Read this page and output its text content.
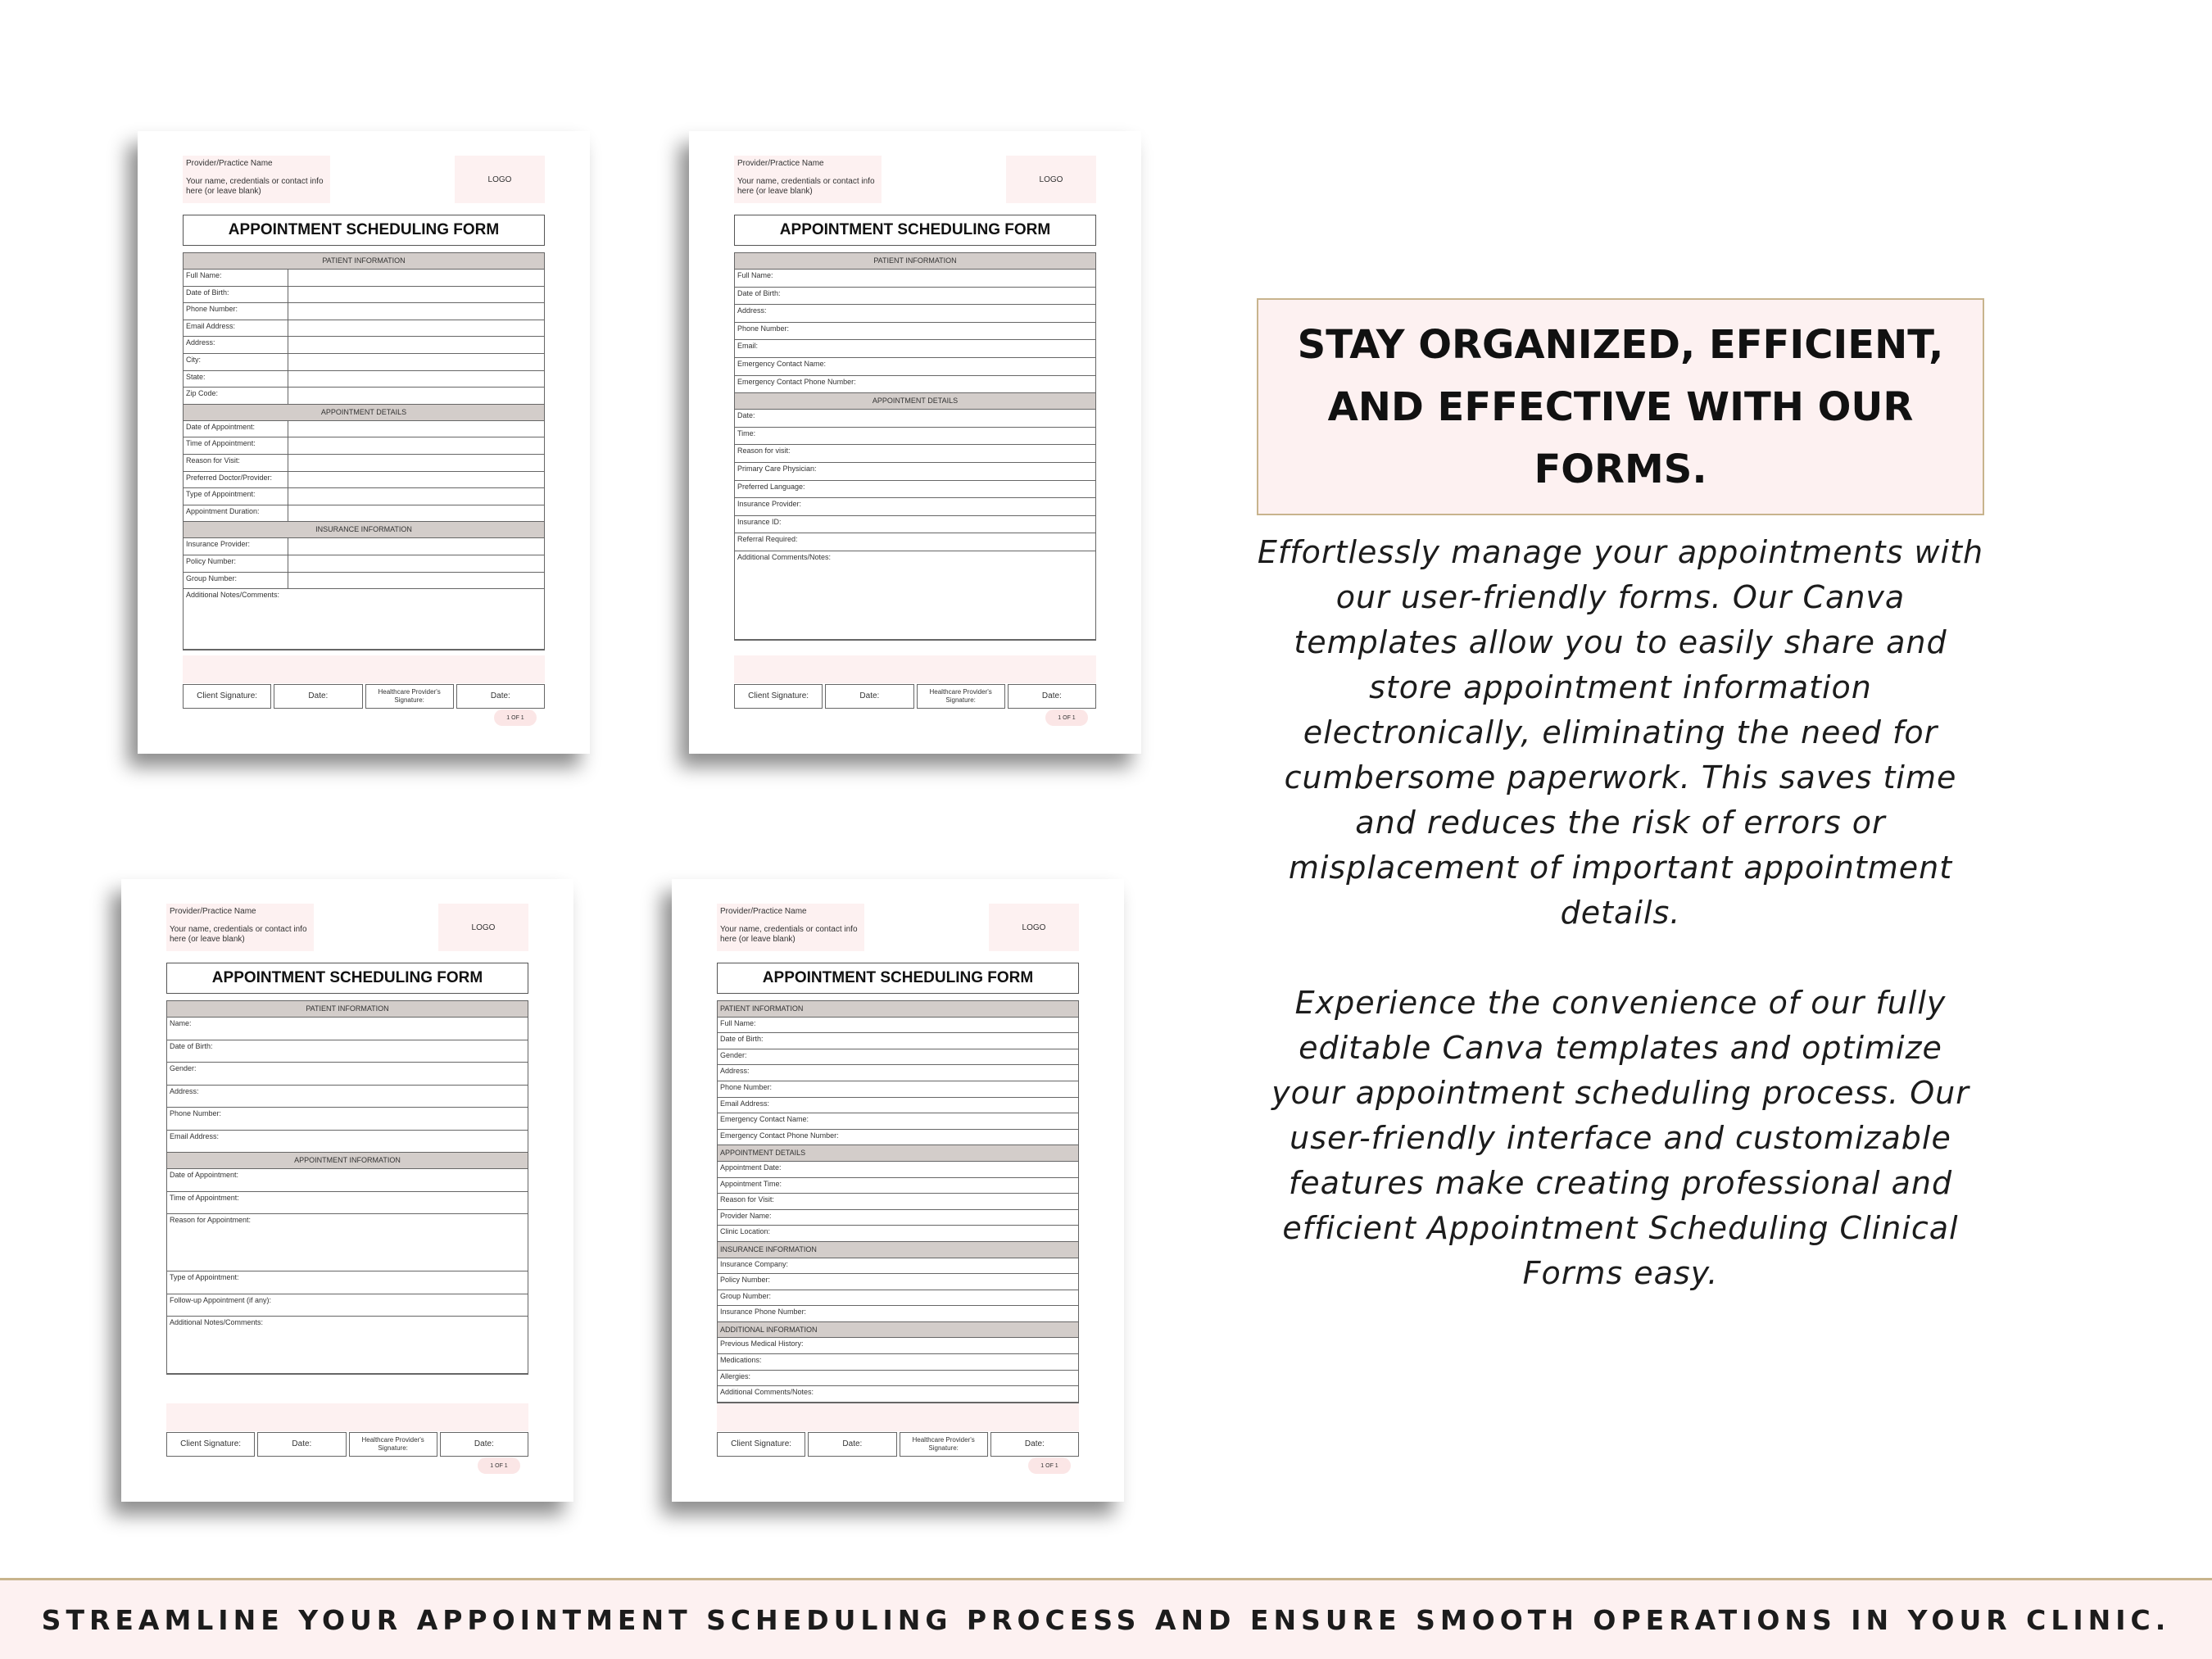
Provider/Practice Name
Your name, credentials or contact info here (or leave blank)
LOGO
APPOINTMENT SCHEDULING FORM
PATIENT INFORMATION
Full Name:
Date of Birth:
Phone Number:
Email Address:
Address:
City:
State:
Zip Code:
APPOINTMENT DETAILS
Date of Appointment:
Time of Appointment:
Reason for Visit:
Preferred Doctor/Provider:
Type of Appointment:
Appointment Duration:
INSURANCE INFORMATION
Insurance Provider:
Policy Number:
Group Number:
Additional Notes/Comments:
Client Signature:	Date:	Healthcare Provider's Signature:	Date:
1 OF 1
Provider/Practice Name
Your name, credentials or contact info here (or leave blank)
LOGO
APPOINTMENT SCHEDULING FORM
PATIENT INFORMATION
Full Name:
Date of Birth:
Address:
Phone Number:
Email:
Emergency Contact Name:
Emergency Contact Phone Number:
APPOINTMENT DETAILS
Date:
Time:
Reason for visit:
Primary Care Physician:
Preferred Language:
Insurance Provider:
Insurance ID:
Referral Required:
Additional Comments/Notes:
Client Signature:	Date:	Healthcare Provider's Signature:	Date:
1 OF 1
Provider/Practice Name
Your name, credentials or contact info here (or leave blank)
LOGO
APPOINTMENT SCHEDULING FORM
PATIENT INFORMATION
Name:
Date of Birth:
Gender:
Address:
Phone Number:
Email Address:
APPOINTMENT INFORMATION
Date of Appointment:
Time of Appointment:
Reason for Appointment:
Type of Appointment:
Follow-up Appointment (if any):
Additional Notes/Comments:
Client Signature:	Date:	Healthcare Provider's Signature:	Date:
1 OF 1
Provider/Practice Name
Your name, credentials or contact info here (or leave blank)
LOGO
APPOINTMENT SCHEDULING FORM
PATIENT INFORMATION
Full Name:
Date of Birth:
Gender:
Address:
Phone Number:
Email Address:
Emergency Contact Name:
Emergency Contact Phone Number:
APPOINTMENT DETAILS
Appointment Date:
Appointment Time:
Reason for Visit:
Provider Name:
Clinic Location:
INSURANCE INFORMATION
Insurance Company:
Policy Number:
Group Number:
Insurance Phone Number:
ADDITIONAL INFORMATION
Previous Medical History:
Medications:
Allergies:
Additional Comments/Notes:
Client Signature:	Date:	Healthcare Provider's Signature:	Date:
1 OF 1
STAY ORGANIZED, EFFICIENT, AND EFFECTIVE WITH OUR FORMS.
Effortlessly manage your appointments with our user-friendly forms. Our Canva templates allow you to easily share and store appointment information electronically, eliminating the need for cumbersome paperwork. This saves time and reduces the risk of errors or misplacement of important appointment details.
Experience the convenience of our fully editable Canva templates and optimize your appointment scheduling process. Our user-friendly interface and customizable features make creating professional and efficient Appointment Scheduling Clinical Forms easy.
STREAMLINE YOUR APPOINTMENT SCHEDULING PROCESS AND ENSURE SMOOTH OPERATIONS IN YOUR CLINIC.
